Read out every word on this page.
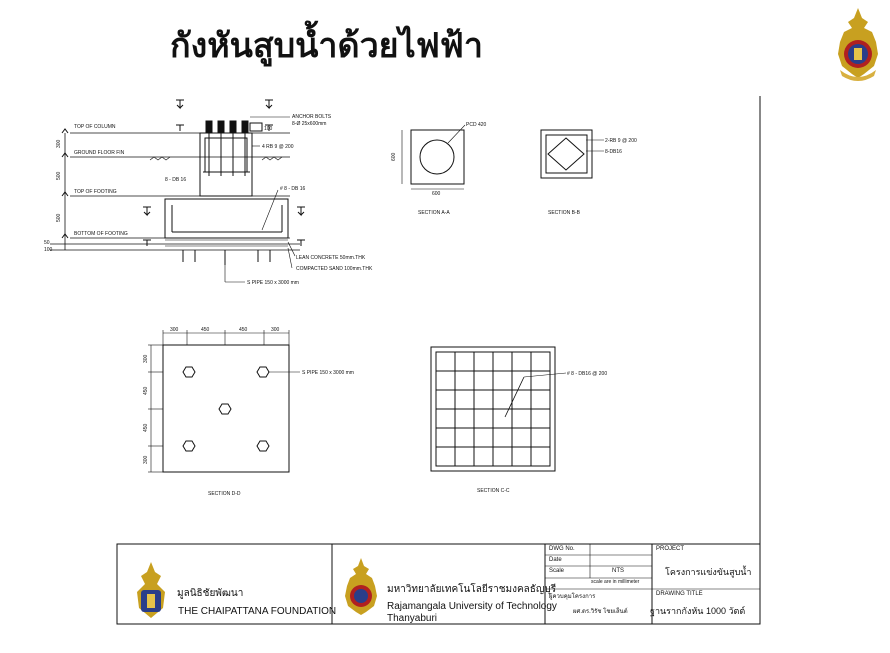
กังหันสูบน้ำด้วยไฟฟ้า
ANCHOR BOLTS
8-Ø 25x600mm
100
4 RB 9 @ 200
8 - DB 16
# 8 - DB 16
TOP OF COLUMN
GROUND FLOOR FIN
TOP OF FOOTING
BOTTOM OF FOOTING
300
500
500
50
100
LEAN CONCRETE 50mm.THK
COMPACTED SAND 100mm.THK
S PIPE 150 x 3000 mm
PCD 420
600
600
SECTION A-A
2-RB 9 @ 200
8-DB16
SECTION B-B
300	450	450	300
300
450
450
300
S PIPE 150 x 3000 mm
SECTION D-D
# 8 - DB16 @ 200
SECTION C-C
มูลนิธิชัยพัฒนา
THE CHAIPATTANA FOUNDATION
มหาวิทยาลัยเทคโนโลยีราชมงคลธัญบุรี
Rajamangala University of Technology
Thanyaburi
DWG No.
Date
Scale	NTS
scale are in millimeter
ผู้ควบคุมโครงการ
ผศ.ดร.วิรัช โชยเส็นต์
PROJECT
โครงการแข่งขันสูบน้ำ
DRAWING TITLE
ฐานรากกังหัน 1000 วัตต์
